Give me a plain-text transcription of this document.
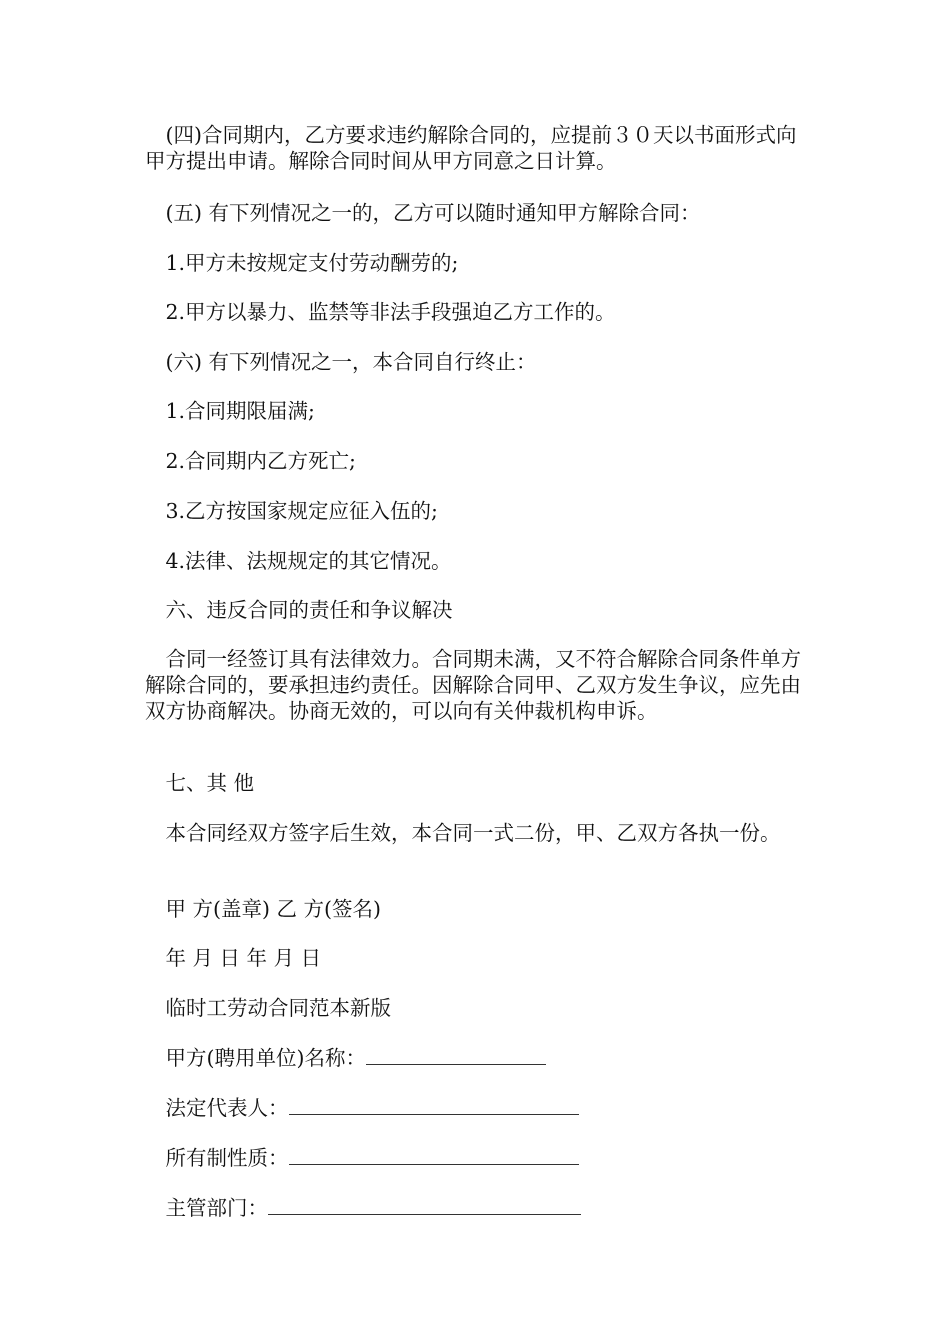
　(四)合同期内，乙方要求违约解除合同的，应提前３０天以书面形式向甲方提出申请。解除合同时间从甲方同意之日计算。

　(五) 有下列情况之一的，乙方可以随时通知甲方解除合同：

　1.甲方未按规定支付劳动酬劳的;

　2.甲方以暴力、监禁等非法手段强迫乙方工作的。

　(六) 有下列情况之一，本合同自行终止：

　1.合同期限届满;

　2.合同期内乙方死亡;

　3.乙方按国家规定应征入伍的;

　4.法律、法规规定的其它情况。

　六、违反合同的责任和争议解决

　合同一经签订具有法律效力。合同期未满，又不符合解除合同条件单方解除合同的，要承担违约责任。因解除合同甲、乙双方发生争议，应先由双方协商解决。协商无效的，可以向有关仲裁机构申诉。

　七、其 他

　本合同经双方签字后生效，本合同一式二份，甲、乙双方各执一份。

　甲 方(盖章) 乙 方(签名)

　年 月 日 年 月 日

　临时工劳动合同范本新版

　甲方(聘用单位)名称：

　法定代表人：

　所有制性质：

　主管部门：
